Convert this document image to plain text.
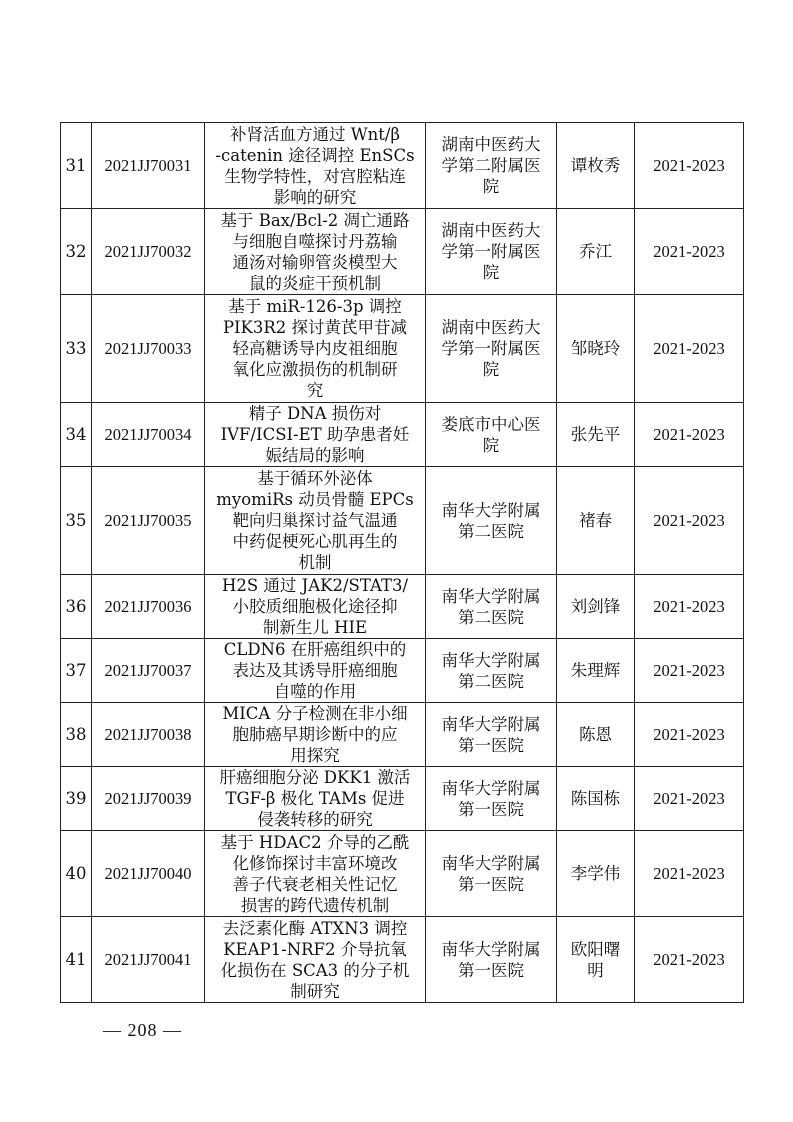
31	2021JJ70031	补肾活血方通过 Wnt/β
-catenin 途径调控 EnSCs
生物学特性，对宫腔粘连
影响的研究	湖南中医药大
学第二附属医
院	谭枚秀	2021-2023
32	2021JJ70032	基于 Bax/Bcl-2 凋亡通路
与细胞自噬探讨丹荔输
通汤对输卵管炎模型大
鼠的炎症干预机制	湖南中医药大
学第一附属医
院	乔江	2021-2023
33	2021JJ70033	基于 miR-126-3p 调控
PIK3R2 探讨黄芪甲苷减
轻高糖诱导内皮祖细胞
氧化应激损伤的机制研
究	湖南中医药大
学第一附属医
院	邹晓玲	2021-2023
34	2021JJ70034	精子 DNA 损伤对
IVF/ICSI-ET 助孕患者妊
娠结局的影响	娄底市中心医
院	张先平	2021-2023
35	2021JJ70035	基于循环外泌体
myomiRs 动员骨髓 EPCs
靶向归巢探讨益气温通
中药促梗死心肌再生的
机制	南华大学附属
第二医院	褚春	2021-2023
36	2021JJ70036	H2S 通过 JAK2/STAT3/
小胶质细胞极化途径抑
制新生儿 HIE	南华大学附属
第二医院	刘剑锋	2021-2023
37	2021JJ70037	CLDN6 在肝癌组织中的
表达及其诱导肝癌细胞
自噬的作用	南华大学附属
第二医院	朱理辉	2021-2023
38	2021JJ70038	MICA 分子检测在非小细
胞肺癌早期诊断中的应
用探究	南华大学附属
第一医院	陈恩	2021-2023
39	2021JJ70039	肝癌细胞分泌 DKK1 激活
TGF-β 极化 TAMs 促进
侵袭转移的研究	南华大学附属
第一医院	陈国栋	2021-2023
40	2021JJ70040	基于 HDAC2 介导的乙酰
化修饰探讨丰富环境改
善子代衰老相关性记忆
损害的跨代遗传机制	南华大学附属
第一医院	李学伟	2021-2023
41	2021JJ70041	去泛素化酶 ATXN3 调控
KEAP1-NRF2 介导抗氧
化损伤在 SCA3 的分子机
制研究	南华大学附属
第一医院	欧阳曙
明	2021-2023
— 208 —
